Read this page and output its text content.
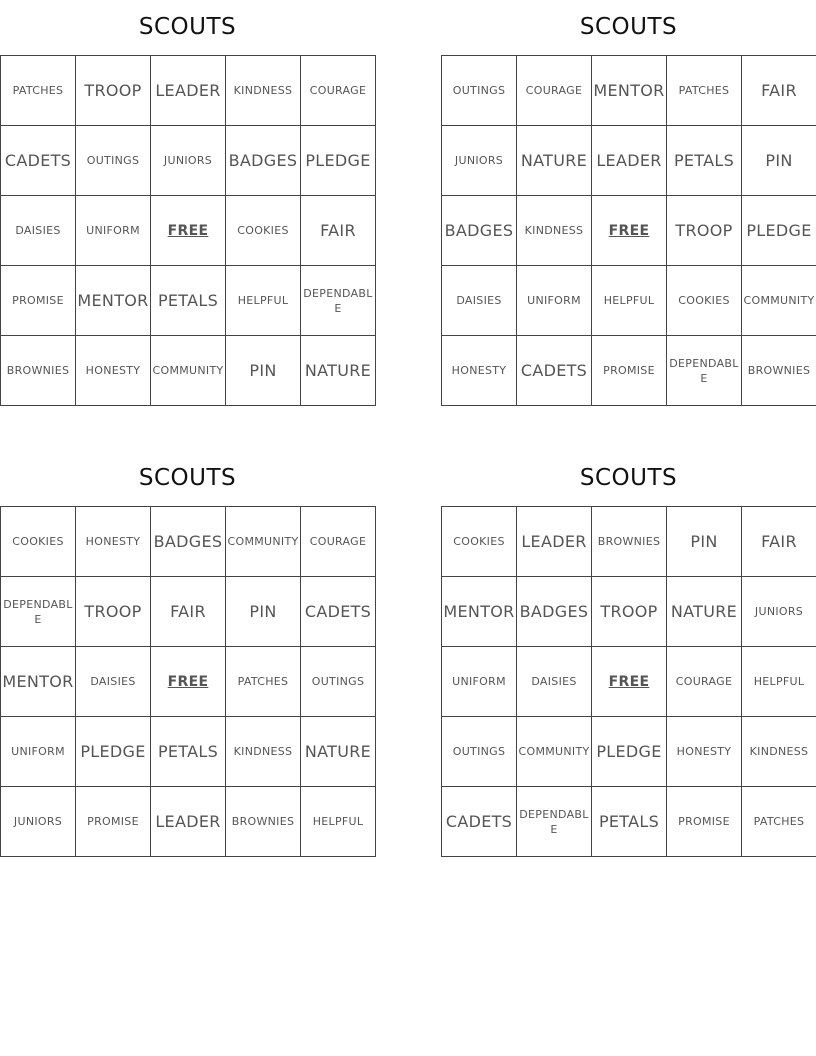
SCOUTS
PATCHES	TROOP	LEADER	KINDNESS	COURAGE
CADETS	OUTINGS	JUNIORS	BADGES	PLEDGE
DAISIES	UNIFORM	FREE	COOKIES	FAIR
PROMISE	MENTOR	PETALS	HELPFUL	DEPENDABLE
BROWNIES	HONESTY	COMMUNITY	PIN	NATURE
SCOUTS
OUTINGS	COURAGE	MENTOR	PATCHES	FAIR
JUNIORS	NATURE	LEADER	PETALS	PIN
BADGES	KINDNESS	FREE	TROOP	PLEDGE
DAISIES	UNIFORM	HELPFUL	COOKIES	COMMUNITY
HONESTY	CADETS	PROMISE	DEPENDABLE	BROWNIES
SCOUTS
COOKIES	HONESTY	BADGES	COMMUNITY	COURAGE
DEPENDABLE	TROOP	FAIR	PIN	CADETS
MENTOR	DAISIES	FREE	PATCHES	OUTINGS
UNIFORM	PLEDGE	PETALS	KINDNESS	NATURE
JUNIORS	PROMISE	LEADER	BROWNIES	HELPFUL
SCOUTS
COOKIES	LEADER	BROWNIES	PIN	FAIR
MENTOR	BADGES	TROOP	NATURE	JUNIORS
UNIFORM	DAISIES	FREE	COURAGE	HELPFUL
OUTINGS	COMMUNITY	PLEDGE	HONESTY	KINDNESS
CADETS	DEPENDABLE	PETALS	PROMISE	PATCHES
